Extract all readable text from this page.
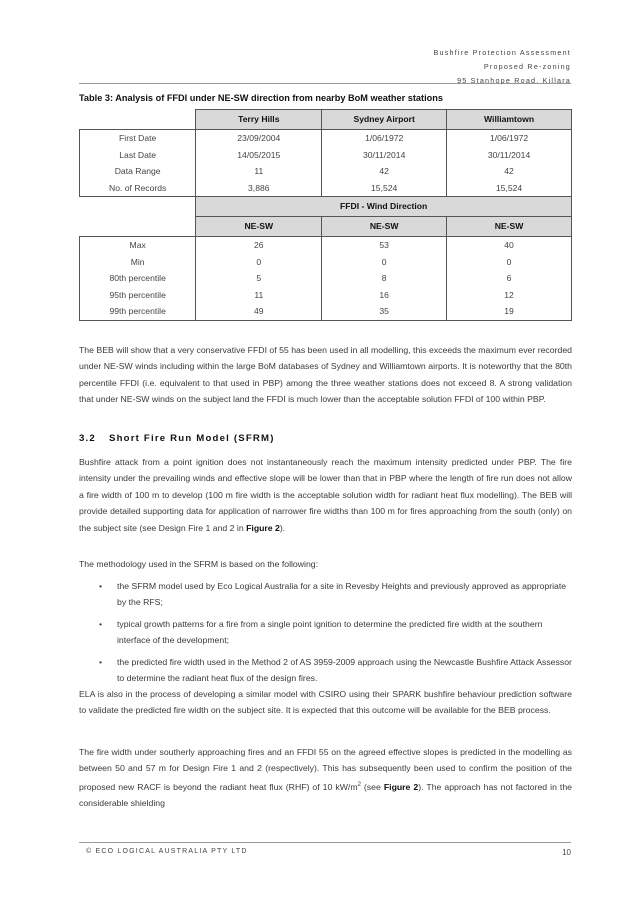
Bushfire Protection Assessment
Proposed Re-zoning
95 Stanhope Road, Killara
Table 3: Analysis of FFDI under NE-SW direction from nearby BoM weather stations
	Terry Hills	Sydney Airport	Williamtown
First Date	23/09/2004	1/06/1972	1/06/1972
Last Date	14/05/2015	30/11/2014	30/11/2014
Data Range	11	42	42
No. of Records	3,886	15,524	15,524
	FFDI - Wind Direction		
	NE-SW	NE-SW	NE-SW
Max	26	53	40
Min	0	0	0
80th percentile	5	8	6
95th percentile	11	16	12
99th percentile	49	35	19
The BEB will show that a very conservative FFDI of 55 has been used in all modelling, this exceeds the maximum ever recorded under NE-SW winds including within the large BoM databases of Sydney and Williamtown airports. It is noteworthy that the 80th percentile FFDI (i.e. equivalent to that used in PBP) among the three weather stations does not exceed 8. A strong validation that under NE-SW winds on the subject land the FFDI is much lower than the acceptable solution FFDI of 100 within PBP.
3.2 Short Fire Run Model (SFRM)
Bushfire attack from a point ignition does not instantaneously reach the maximum intensity predicted under PBP. The fire intensity under the prevailing winds and effective slope will be lower than that in PBP where the length of fire run does not allow a fire width of 100 m to develop (100 m fire width is the acceptable solution width for radiant heat flux modelling). The BEB will provide detailed supporting data for application of narrower fire widths than 100 m for fires approaching from the south (only) on the subject site (see Design Fire 1 and 2 in Figure 2).
The methodology used in the SFRM is based on the following:
• the SFRM model used by Eco Logical Australia for a site in Revesby Heights and previously approved as appropriate by the RFS;
• typical growth patterns for a fire from a single point ignition to determine the predicted fire width at the southern interface of the development;
• the predicted fire width used in the Method 2 of AS 3959-2009 approach using the Newcastle Bushfire Attack Assessor to determine the radiant heat flux of the design fires.
ELA is also in the process of developing a similar model with CSIRO using their SPARK bushfire behaviour prediction software to validate the predicted fire width on the subject site. It is expected that this outcome will be available for the BEB process.
The fire width under southerly approaching fires and an FFDI 55 on the agreed effective slopes is predicted in the modelling as between 50 and 57 m for Design Fire 1 and 2 (respectively). This has subsequently been used to confirm the position of the proposed new RACF is beyond the radiant heat flux (RHF) of 10 $kW/m^2$ (see Figure 2). The approach has not factored in the considerable shielding
© ECO LOGICAL AUSTRALIA PTY LTD	10
